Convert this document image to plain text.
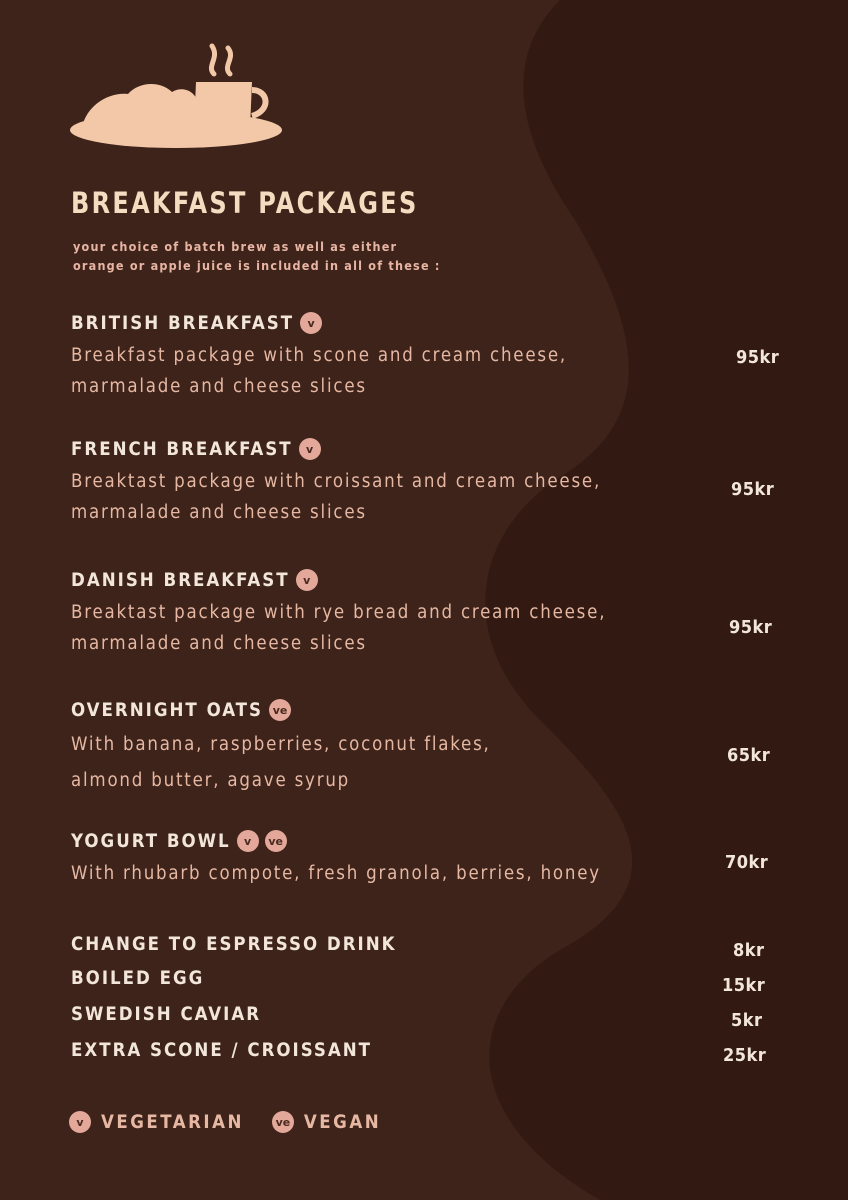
BREAKFAST PACKAGES

your choice of batch brew as well as either
orange or apple juice is included in all of these :

BRITISH BREAKFAST	v
Breakfast package with scone and cream cheese,
marmalade and cheese slices
95kr
FRENCH BREAKFAST	v
Breaktast package with croissant and cream cheese,
marmalade and cheese slices
95kr
DANISH BREAKFAST	v
Breaktast package with rye bread and cream cheese,
marmalade and cheese slices
95kr
OVERNIGHT OATS ve
With banana, raspberries, coconut flakes,
almond butter, agave syrup
65kr
YOGURT BOWL	v	ve
With rhubarb compote, fresh granola, berries, honey
70kr
CHANGE TO ESPRESSO DRINK	8kr
BOILED EGG	15kr
SWEDISH CAVIAR	5kr
EXTRA SCONE / CROISSANT	25kr
v VEGETARIAN	ve VEGAN
